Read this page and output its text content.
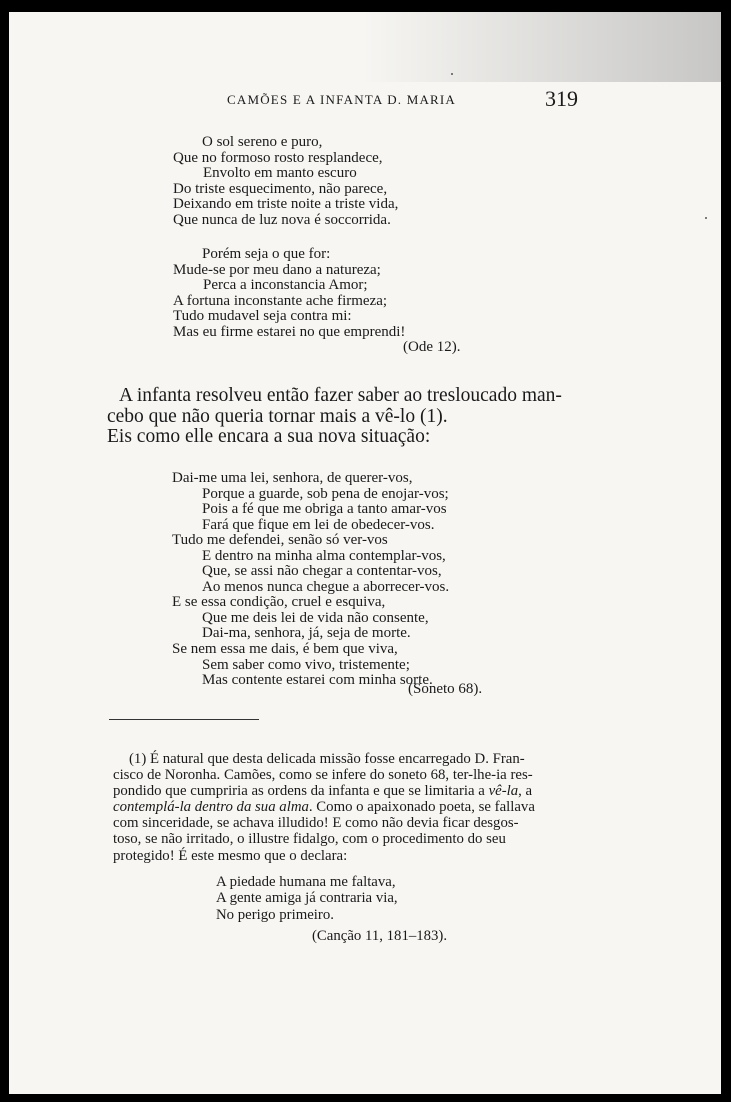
CAMÕES E A INFANTA D. MARIA	319
O sol sereno e puro,
Que no formoso rosto resplandece,
Envolto em manto escuro
Do triste esquecimento, não parece,
Deixando em triste noite a triste vida,
Que nunca de luz nova é soccorrida.
Porém seja o que for:
Mude-se por meu dano a natureza;
Perca a inconstancia Amor;
A fortuna inconstante ache firmeza;
Tudo mudavel seja contra mi:
Mas eu firme estarei no que emprendi!
(Ode 12).
A infanta resolveu então fazer saber ao tresloucado man-
cebo que não queria tornar mais a vê-lo (1).
Eis como elle encara a sua nova situação:
Dai-me uma lei, senhora, de querer-vos,
Porque a guarde, sob pena de enojar-vos;
Pois a fé que me obriga a tanto amar-vos
Fará que fique em lei de obedecer-vos.
Tudo me defendei, senão só ver-vos
E dentro na minha alma contemplar-vos,
Que, se assi não chegar a contentar-vos,
Ao menos nunca chegue a aborrecer-vos.
E se essa condição, cruel e esquiva,
Que me deis lei de vida não consente,
Dai-ma, senhora, já, seja de morte.
Se nem essa me dais, é bem que viva,
Sem saber como vivo, tristemente;
Mas contente estarei com minha sorte.
(Soneto 68).
(1) É natural que desta delicada missão fosse encarregado D. Fran-
cisco de Noronha. Camões, como se infere do soneto 68, ter-lhe-ia res-
pondido que cumpriria as ordens da infanta e que se limitaria a vê-la, a
contemplá-la dentro da sua alma. Como o apaixonado poeta, se fallava
com sinceridade, se achava illudido! E como não devia ficar desgos-
toso, se não irritado, o illustre fidalgo, com o procedimento do seu
protegido! É este mesmo que o declara:
A piedade humana me faltava,
A gente amiga já contraria via,
No perigo primeiro.
(Canção 11, 181–183).
